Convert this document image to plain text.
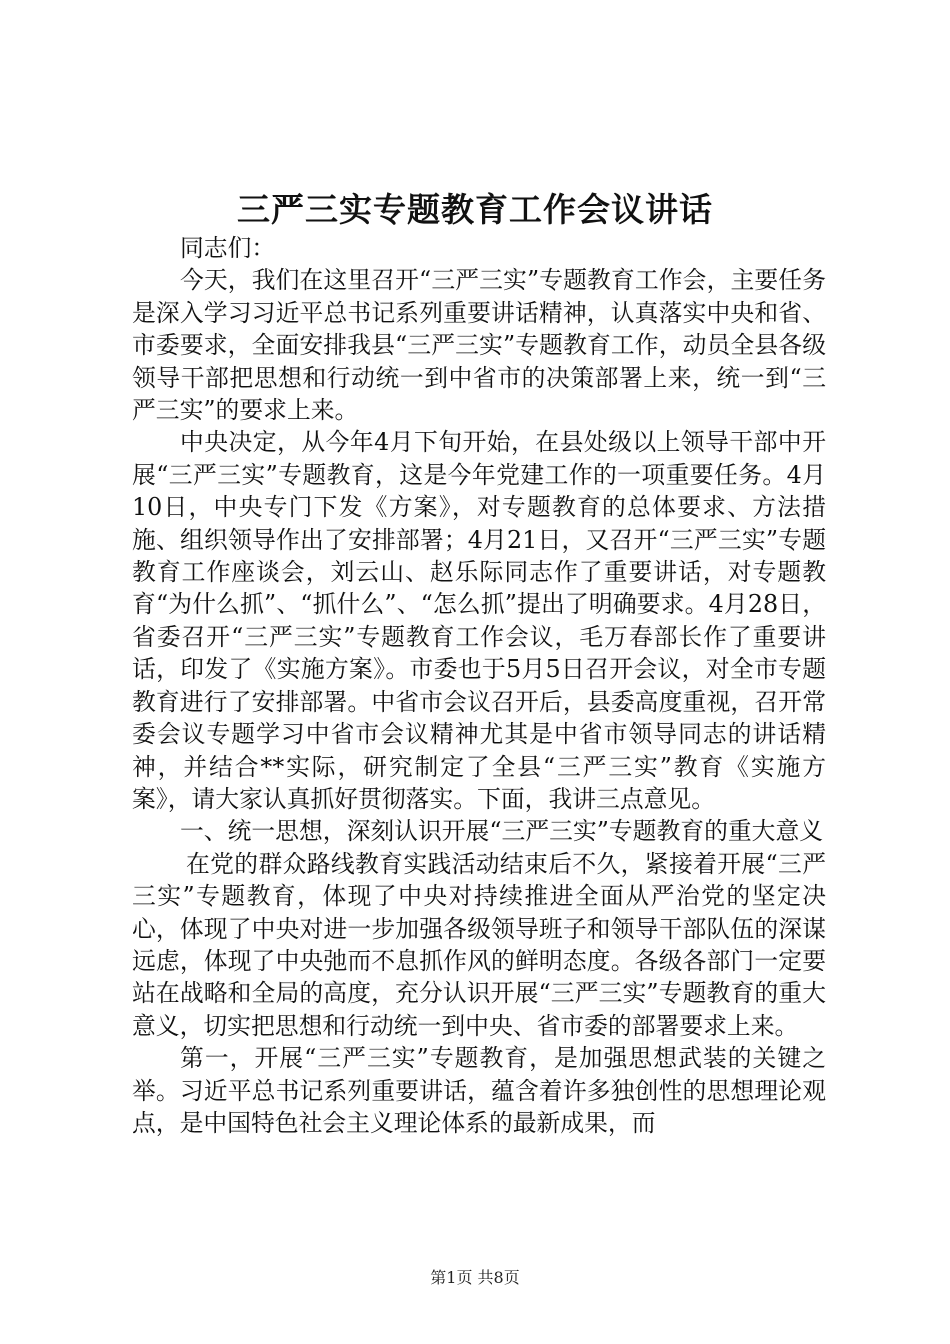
三严三实专题教育工作会议讲话

同志们：

今天，我们在这里召开“三严三实”专题教育工作会，主要任务是深入学习习近平总书记系列重要讲话精神，认真落实中央和省、市委要求，全面安排我县“三严三实”专题教育工作，动员全县各级领导干部把思想和行动统一到中省市的决策部署上来，统一到“三严三实”的要求上来。

中央决定，从今年4月下旬开始，在县处级以上领导干部中开展“三严三实”专题教育，这是今年党建工作的一项重要任务。4月10日，中央专门下发《方案》，对专题教育的总体要求、方法措施、组织领导作出了安排部署；4月21日，又召开“三严三实”专题教育工作座谈会，刘云山、赵乐际同志作了重要讲话，对专题教育“为什么抓”、“抓什么”、“怎么抓”提出了明确要求。4月28日，省委召开“三严三实”专题教育工作会议，毛万春部长作了重要讲话，印发了《实施方案》。市委也于5月5日召开会议，对全市专题教育进行了安排部署。中省市会议召开后，县委高度重视，召开常委会议专题学习中省市会议精神尤其是中省市领导同志的讲话精神，并结合**实际，研究制定了全县“三严三实”教育《实施方案》，请大家认真抓好贯彻落实。下面，我讲三点意见。

一、统一思想，深刻认识开展“三严三实”专题教育的重大意义

在党的群众路线教育实践活动结束后不久，紧接着开展“三严三实”专题教育，体现了中央对持续推进全面从严治党的坚定决心，体现了中央对进一步加强各级领导班子和领导干部队伍的深谋远虑，体现了中央弛而不息抓作风的鲜明态度。各级各部门一定要站在战略和全局的高度，充分认识开展“三严三实”专题教育的重大意义，切实把思想和行动统一到中央、省市委的部署要求上来。

第一，开展“三严三实”专题教育，是加强思想武装的关键之举。习近平总书记系列重要讲话，蕴含着许多独创性的思想理论观点，是中国特色社会主义理论体系的最新成果，而

第1页 共8页
